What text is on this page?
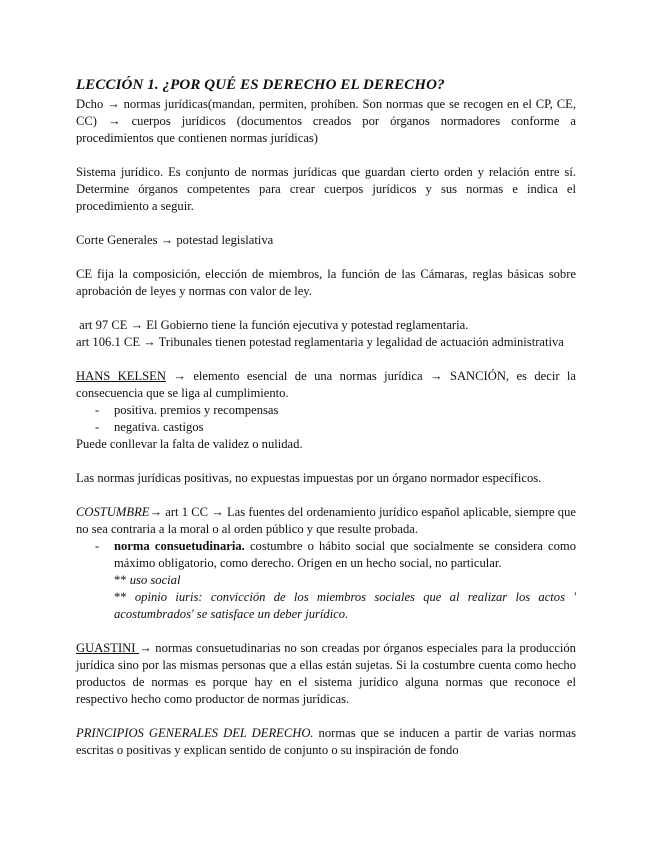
LECCIÓN 1. ¿POR QUÉ ES DERECHO EL DERECHO?

Dcho → normas jurídicas(mandan, permiten, prohíben. Son normas que se recogen en el CP, CE, CC) → cuerpos jurídicos (documentos creados por órganos normadores conforme a procedimientos que contienen normas jurídicas)

Sistema jurídico. Es conjunto de normas jurídicas que guardan cierto orden y relación entre sí. Determine órganos competentes para crear cuerpos jurídicos y sus normas e indica el procedimiento a seguir.

Corte Generales → potestad legislativa

CE fija la composición, elección de miembros, la función de las Cámaras, reglas básicas sobre aprobación de leyes y normas con valor de ley.

art 97 CE → El Gobierno tiene la función ejecutiva y potestad reglamentaria.

art 106.1 CE → Tribunales tienen potestad reglamentaria y legalidad de actuación administrativa

HANS KELSEN → elemento esencial de una normas jurídica → SANCIÓN, es decir la consecuencia que se liga al cumplimiento.

- positiva. premios y recompensas
- negativa. castigos

Puede conllevar la falta de validez o nulidad.

Las normas jurídicas positivas, no expuestas impuestas por un órgano normador específicos.

COSTUMBRE→ art 1 CC → Las fuentes del ordenamiento jurídico español aplicable, siempre que no sea contraria a la moral o al orden público y que resulte probada.

- norma consuetudinaria. costumbre o hábito social que socialmente se considera como máximo obligatorio, como derecho. Origen en un hecho social, no particular.

** uso social

** opinio iuris: convicción de los miembros sociales que al realizar los actos ' acostumbrados' se satisface un deber jurídico.

GUASTINI → normas consuetudinarias no son creadas por órganos especiales para la producción jurídica sino por las mismas personas que a ellas están sujetas. Si la costumbre cuenta como hecho productos de normas es porque hay en el sistema jurídico alguna normas que reconoce el respectivo hecho como productor de normas jurídicas.

PRINCIPIOS GENERALES DEL DERECHO. normas que se inducen a partir de varias normas escritas o positivas y explican sentido de conjunto o su inspiración de fondo
